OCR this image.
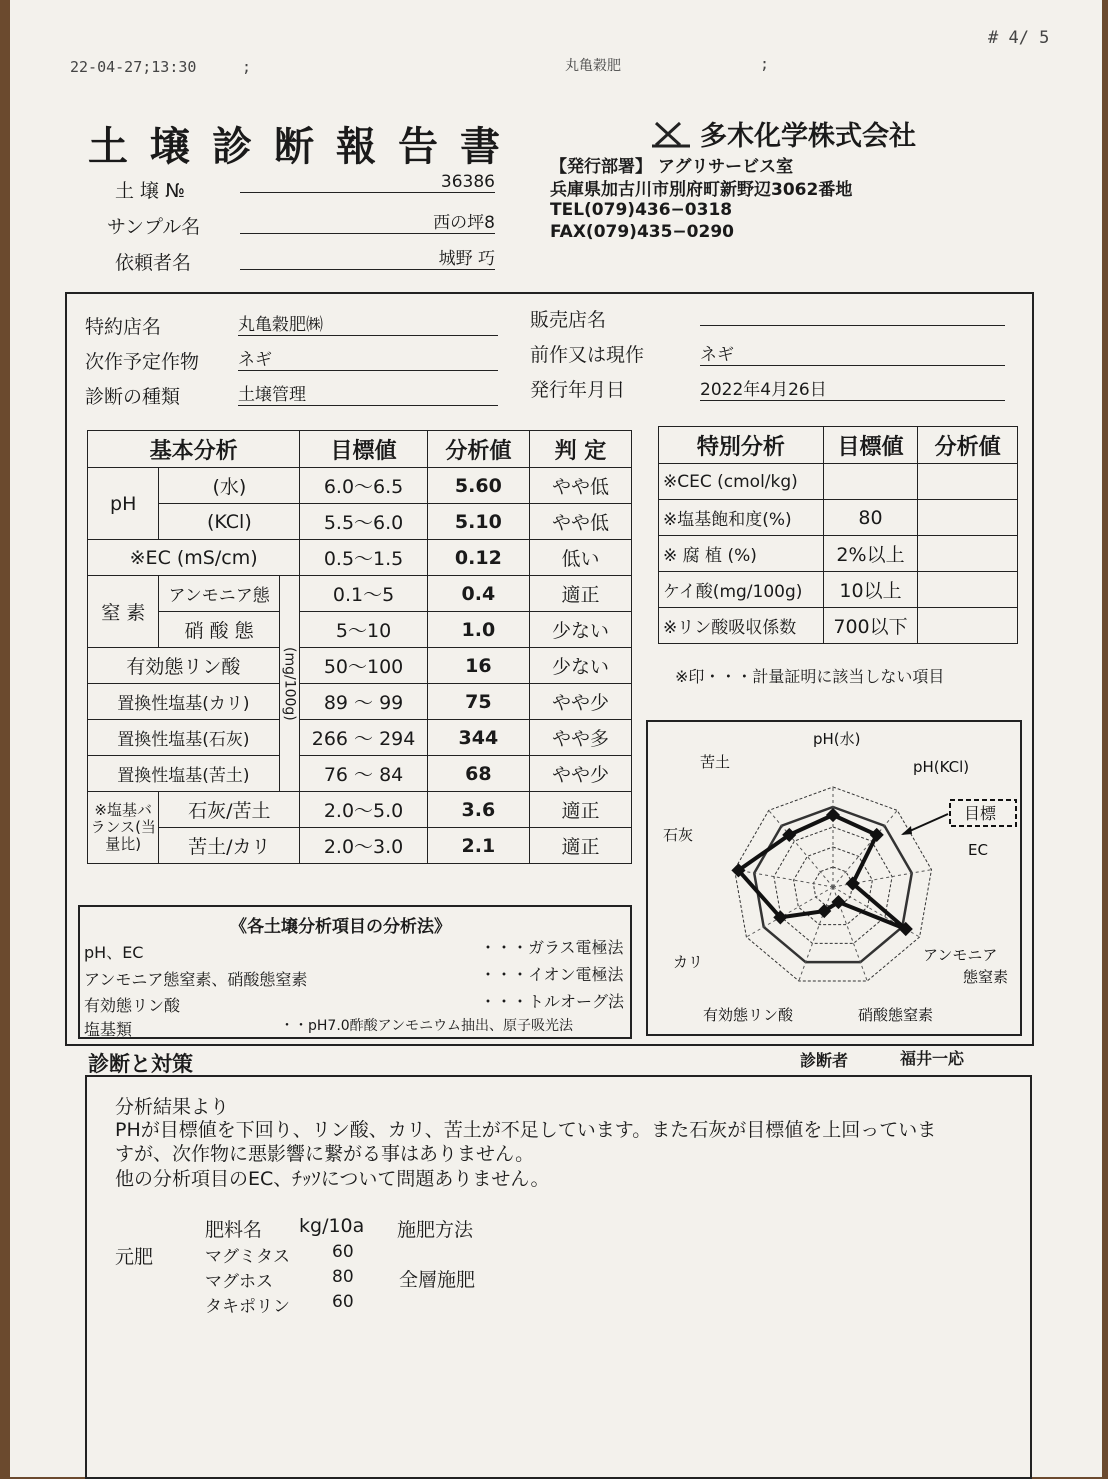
22-04-27;13:30	;	丸亀穀肥	;
# 4/ 5
土壌診断報告書	多木化学株式会社
【発行部署】 アグリサービス室
兵庫県加古川市別府町新野辺3062番地
TEL(079)436−0318
FAX(079)435−0290
土 壌 №	36386
サンプル名	西の坪8
依頼者名	城野 巧
特約店名	丸亀穀肥㈱	販売店名
次作予定作物 ネギ	前作又は現作	ネギ
診断の種類	土壌管理	発行年月日	2022年4月26日
基本分析			目標値	分析値	判 定
pH	(水)		6.0〜6.5	5.60	やや低
	(KCl)		5.5〜6.0	5.10	やや低
※EC (mS/cm)			0.5〜1.5	0.12	低い
窒 素	アンモニア態	(mg/100g)	0.1〜5	0.4	適正
	硝 酸 態		5〜10	1.0	少ない
有効態リン酸			50〜100	16	少ない
置換性塩基(カリ)			89 〜 99	75	やや少
置換性塩基(石灰)			266 〜 294	344	やや多
置換性塩基(苦土)			76 〜 84	68	やや少
※塩基バランス(当量比)	石灰/苦土		2.0〜5.0	3.6	適正
	苦土/カリ		2.0〜3.0	2.1	適正
特別分析	目標値	分析値
※CEC (cmol/kg)		
※塩基飽和度(%)	80	
※ 腐 植 (%)	2%以上	
ケイ酸(mg/100g)	10以上	
※リン酸吸収係数	700以下	
※印・・・計量証明に該当しない項目
pH(水)
pH(KCl)
EC
アンモニア態窒素
硝酸態窒素
有効態リン酸
カリ
石灰
苦土
目標
《各土壌分析項目の分析法》
pH、EC	・・・ガラス電極法
アンモニア態窒素、硝酸態窒素	・・・イオン電極法
有効態リン酸	・・・トルオーグ法
塩基類	・・pH7.0酢酸アンモニウム抽出、原子吸光法
診断と対策	診断者	福井一応
分析結果より
PHが目標値を下回り、リン酸、カリ、苦土が不足しています。また石灰が目標値を上回っていま
すが、次作物に悪影響に繋がる事はありません。
他の分析項目のEC、ﾁｯｿについて問題ありません。
肥料名 kg/10a 施肥方法
元肥	マグミタス 60
マグホス	80 全層施肥
タキポリン 60
